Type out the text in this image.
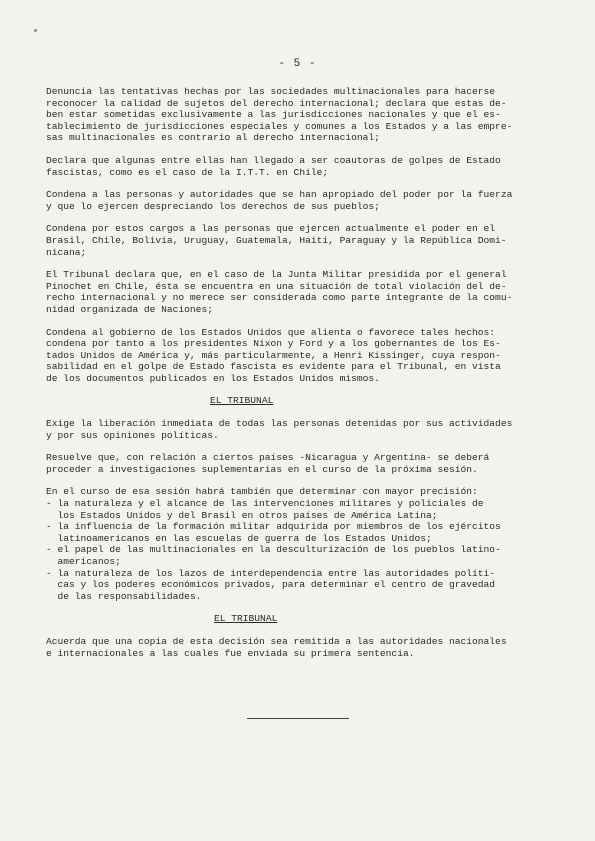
- 5 -

Denuncia las tentativas hechas por las sociedades multinacionales para hacerse
reconocer la calidad de sujetos del derecho internacional; declara que estas de-
ben estar sometidas exclusivamente a las jurisdicciones nacionales y que el es-
tablecimiento de jurisdicciones especiales y comunes a los Estados y a las empre-
sas multinacionales es contrario al derecho internacional;

Declara que algunas entre ellas han llegado a ser coautoras de golpes de Estado
fascistas, como es el caso de la I.T.T. en Chile;

Condena a las personas y autoridades que se han apropiado del poder por la fuerza
y que lo ejercen despreciando los derechos de sus pueblos;

Condena por estos cargos a las personas que ejercen actualmente el poder en el
Brasil, Chile, Bolivia, Uruguay, Guatemala, Haiti, Paraguay y la República Domi-
nicana;

El Tribunal declara que, en el caso de la Junta Militar presidida por el general
Pinochet en Chile, ésta se encuentra en una situación de total violación del de-
recho internacional y no merece ser considerada como parte integrante de la comu-
nidad organizada de Naciones;

Condena al gobierno de los Estados Unidos que alienta o favorece tales hechos:
condena por tanto a los presidentes Nixon y Ford y a los gobernantes de los Es-
tados Unidos de América y, más particularmente, a Henri Kissinger, cuya respon-
sabilidad en el golpe de Estado fascista es evidente para el Tribunal, en vista
de los documentos publicados en los Estados Unidos mismos.

EL TRIBUNAL

Exige la liberación inmediata de todas las personas detenidas por sus actividades
y por sus opiniones políticas.

Resuelve que, con relación a ciertos países -Nicaragua y Argentina- se deberá
proceder a investigaciones suplementarias en el curso de la próxima sesión.

En el curso de esa sesión habrá también que determinar con mayor precisión:
- la naturaleza y el alcance de las intervenciones militares y policiales de
los Estados Unidos y del Brasil en otros países de América Latina;
- la influencia de la formación militar adquirida por miembros de los ejércitos
latinoamericanos en las escuelas de guerra de los Estados Unidos;
- el papel de las multinacionales en la desculturización de los pueblos latino-
americanos;
- la naturaleza de los lazos de interdependencia entre las autoridades políti-
cas y los poderes económicos privados, para determinar el centro de gravedad
de las responsabilidades.

EL TRIBUNAL

Acuerda que una copia de esta decisión sea remitida a las autoridades nacionales
e internacionales a las cuales fue enviada su primera sentencia.
